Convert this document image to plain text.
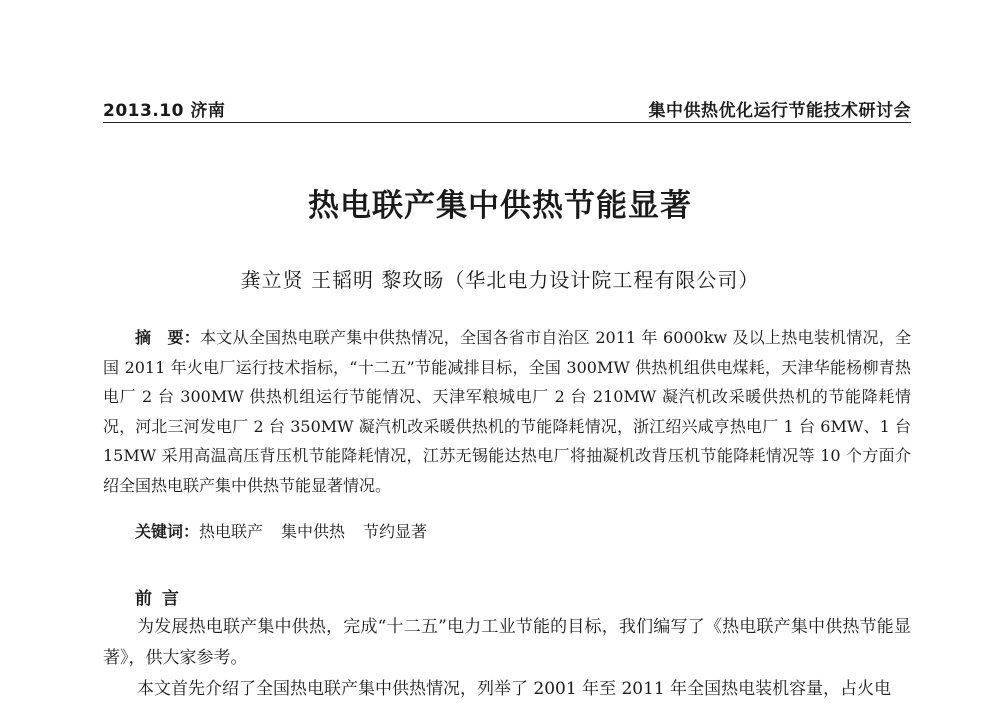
2013.10 济南	集中供热优化运行节能技术研讨会
热电联产集中供热节能显著
龚立贤 王韬明 黎玫旸（华北电力设计院工程有限公司）
摘　要：本文从全国热电联产集中供热情况，全国各省市自治区 2011 年 6000kw 及以上热电装机情况，全国 2011 年火电厂运行技术指标，“十二五”节能减排目标，全国 300MW 供热机组供电煤耗，天津华能杨柳青热电厂 2 台 300MW 供热机组运行节能情况、天津军粮城电厂 2 台 210MW 凝汽机改采暖供热机的节能降耗情况，河北三河发电厂 2 台 350MW 凝汽机改采暖供热机的节能降耗情况，浙江绍兴咸亨热电厂 1 台 6MW、1 台 15MW 采用高温高压背压机节能降耗情况，江苏无锡能达热电厂将抽凝机改背压机节能降耗情况等 10 个方面介绍全国热电联产集中供热节能显著情况。
关键词：热电联产 集中供热 节约显著
前言

为发展热电联产集中供热，完成“十二五”电力工业节能的目标，我们编写了《热电联产集中供热节能显著》，供大家参考。

本文首先介绍了全国热电联产集中供热情况，列举了 2001 年至 2011 年全国热电装机容量，占火电
